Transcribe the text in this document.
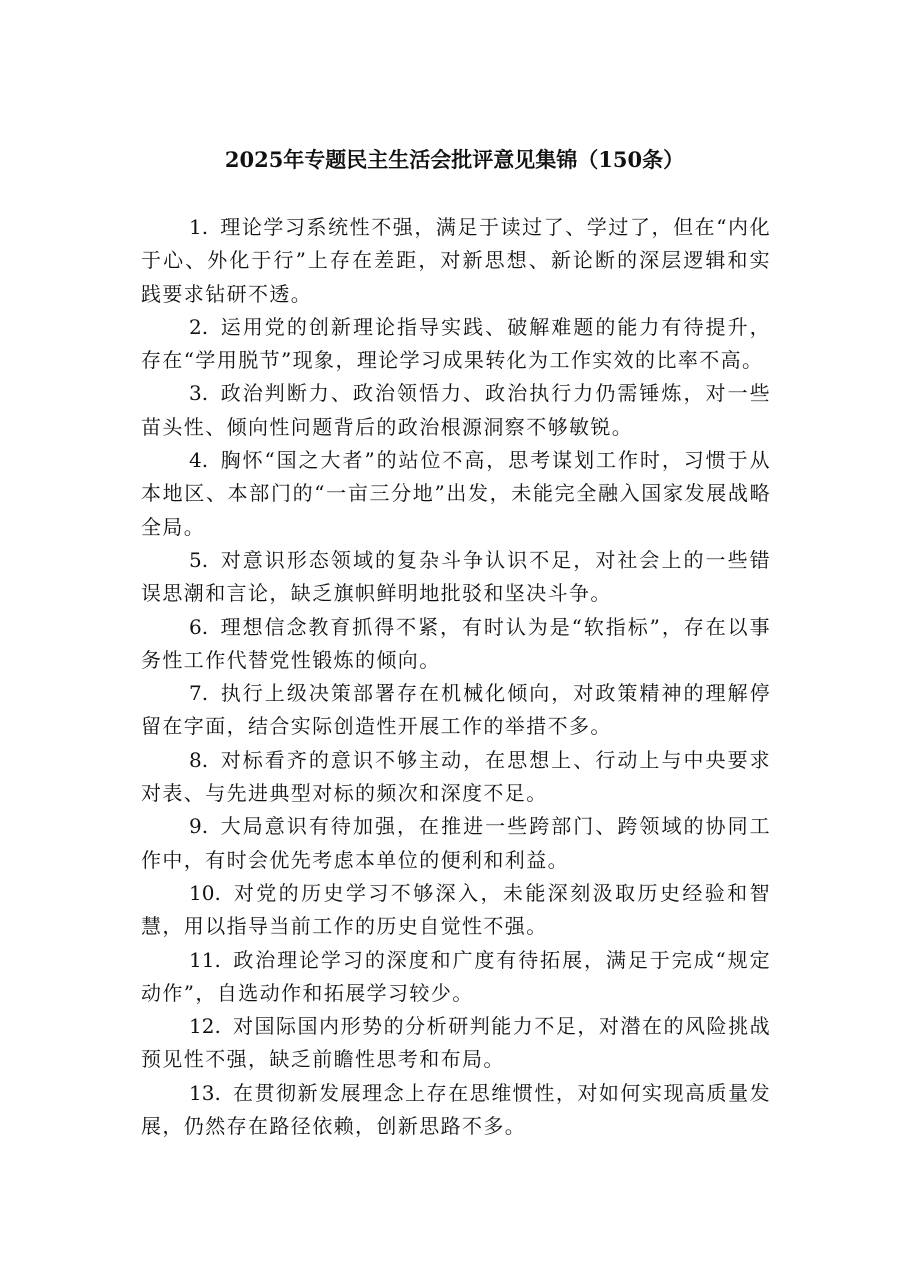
2025年专题民主生活会批评意见集锦（150条）

1. 理论学习系统性不强，满足于读过了、学过了，但在“内化于心、外化于行”上存在差距，对新思想、新论断的深层逻辑和实践要求钻研不透。

2. 运用党的创新理论指导实践、破解难题的能力有待提升，存在“学用脱节”现象，理论学习成果转化为工作实效的比率不高。

3. 政治判断力、政治领悟力、政治执行力仍需锤炼，对一些苗头性、倾向性问题背后的政治根源洞察不够敏锐。

4. 胸怀“国之大者”的站位不高，思考谋划工作时，习惯于从本地区、本部门的“一亩三分地”出发，未能完全融入国家发展战略全局。

5. 对意识形态领域的复杂斗争认识不足，对社会上的一些错误思潮和言论，缺乏旗帜鲜明地批驳和坚决斗争。

6. 理想信念教育抓得不紧，有时认为是“软指标”，存在以事务性工作代替党性锻炼的倾向。

7. 执行上级决策部署存在机械化倾向，对政策精神的理解停留在字面，结合实际创造性开展工作的举措不多。

8. 对标看齐的意识不够主动，在思想上、行动上与中央要求对表、与先进典型对标的频次和深度不足。

9. 大局意识有待加强，在推进一些跨部门、跨领域的协同工作中，有时会优先考虑本单位的便利和利益。

10. 对党的历史学习不够深入，未能深刻汲取历史经验和智慧，用以指导当前工作的历史自觉性不强。

11. 政治理论学习的深度和广度有待拓展，满足于完成“规定动作”，自选动作和拓展学习较少。

12. 对国际国内形势的分析研判能力不足，对潜在的风险挑战预见性不强，缺乏前瞻性思考和布局。

13. 在贯彻新发展理念上存在思维惯性，对如何实现高质量发展，仍然存在路径依赖，创新思路不多。
